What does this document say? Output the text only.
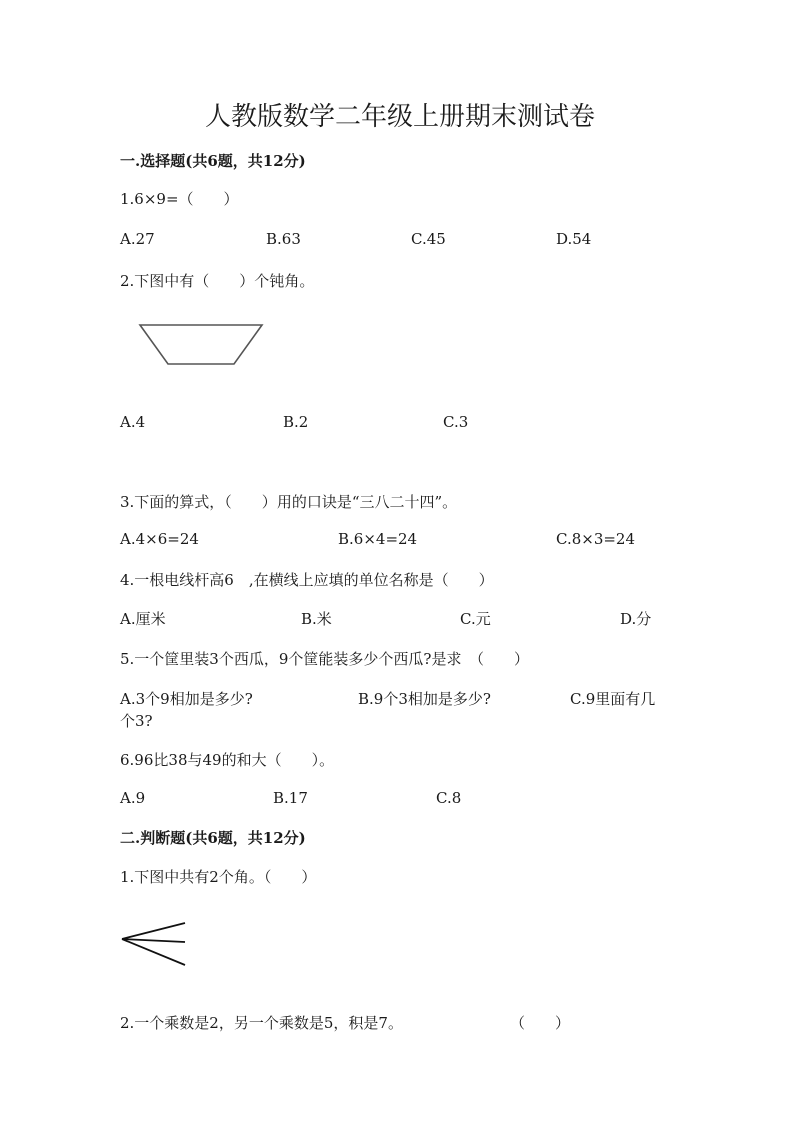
人教版数学二年级上册期末测试卷
一.选择题(共6题，共12分)
1.6×9=（　　）
A.27	B.63	C.45	D.54
2.下图中有（　　）个钝角。
A.4	B.2	C.3
3.下面的算式，（　　）用的口诀是“三八二十四”。
A.4×6=24	B.6×4=24	C.8×3=24
4.一根电线杆高6　,在横线上应填的单位名称是（　　）
A.厘米	B.米	C.元	D.分
5.一个筐里装3个西瓜，9个筐能装多少个西瓜?是求　（　　）
A.3个9相加是多少?	B.9个3相加是多少?	C.9里面有几
个3?
6.96比38与49的和大（　　）。
A.9	B.17	C.8
二.判断题(共6题，共12分)
1.下图中共有2个角。（　　）
2.一个乘数是2，另一个乘数是5，积是7。	（　　）
